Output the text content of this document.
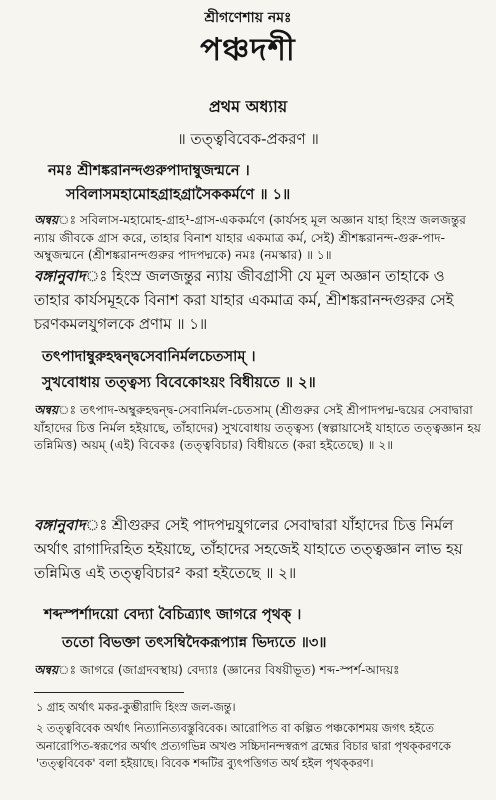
শ্রীগণেশায় নমঃ
পঞ্চদশী
প্রথম অধ্যায়
॥ তত্ত্ববিবেক-প্রকরণ ॥
নমঃ শ্রীশঙ্করানন্দগুরুপাদাম্বুজন্মনে ।
সবিলাসমহামোহগ্রাহগ্রাসৈককর্মণে ॥ ১॥
অন্বয়ঃ সবিলাস-মহামোহ-গ্রাহ¹-গ্রাস-এককর্মণে (কার্যসহ মূল অজ্ঞান যাহা হিংস্র জলজন্তুর ন্যায় জীবকে গ্রাস করে, তাহার বিনাশ যাহার একমাত্র কর্ম, সেই) শ্রীশঙ্করানন্দ-গুরু-পাদ-অম্বুজন্মনে (শ্রীশঙ্করানন্দগুরুর পাদপদ্মকে) নমঃ (নমস্কার) ॥ ১॥
বঙ্গানুবাদঃ হিংস্র জলজন্তুর ন্যায় জীবগ্রাসী যে মূল অজ্ঞান তাহাকে ও তাহার কার্যসমূহকে বিনাশ করা যাহার একমাত্র কর্ম, শ্রীশঙ্করানন্দগুরুর সেই চরণকমলযুগলকে প্রণাম ॥ ১॥
তৎপাদাম্বুরুহদ্বন্দ্বসেবানির্মলচেতসাম্ ।
সুখবোধায় তত্ত্বস্য বিবেকোঽয়ং বিধীয়তে ॥ ২॥
অন্বয়ঃ তৎপাদ-অম্বুরুহদ্বন্দ্ব-সেবানির্মল-চেতসাম্ (শ্রীগুরুর সেই শ্রীপাদপদ্ম-দ্বয়ের সেবাদ্বারা যাঁহাদের চিত্ত নির্মল হইয়াছে, তাঁহাদের) সুখবোধায় তত্ত্বস্য (স্বল্পায়াসেই যাহাতে তত্ত্বজ্ঞান হয় তন্নিমিত্ত) অয়ম্ (এই) বিবেকঃ (তত্ত্ববিচার) বিধীয়তে (করা হইতেছে) ॥ ২॥
বঙ্গানুবাদঃ শ্রীগুরুর সেই পাদপদ্মযুগলের সেবাদ্বারা যাঁহাদের চিত্ত নির্মল অর্থাৎ রাগাদিরহিত হইয়াছে, তাঁহাদের সহজেই যাহাতে তত্ত্বজ্ঞান লাভ হয় তন্নিমিত্ত এই তত্ত্ববিচার² করা হইতেছে ॥ ২॥
শব্দস্পর্শাদয়ো বেদ্যা বৈচিত্র্যাৎ জাগরে পৃথক্ ।
ততো বিভক্তা তৎসম্বিদৈকরূপ্যান্ন ভিদ্যতে ॥৩॥
অন্বয়ঃ জাগরে (জাগ্রদবস্থায়) বেদ্যাঃ (জ্ঞানের বিষয়ীভূত) শব্দ-স্পর্শ-আদয়ঃ
১ গ্রাহ অর্থাৎ মকর-কুম্ভীরাদি হিংস্র জল-জন্তু।
২ তত্ত্ববিবেক অর্থাৎ নিত্যানিত্যবস্তুবিবেক। আরোপিত বা কল্পিত পঞ্চকোশময় জগৎ হইতে অনারোপিত-স্বরূপের অর্থাৎ প্রত্যগভিন্ন অখণ্ড সচ্চিদানন্দস্বরূপ ব্রহ্মের বিচার দ্বারা পৃথক্‌করণকে 'তত্ত্ববিবেক' বলা হইয়াছে। বিবেক শব্দটির ব্যুৎপত্তিগত অর্থ হইল পৃথক্‌করণ।
